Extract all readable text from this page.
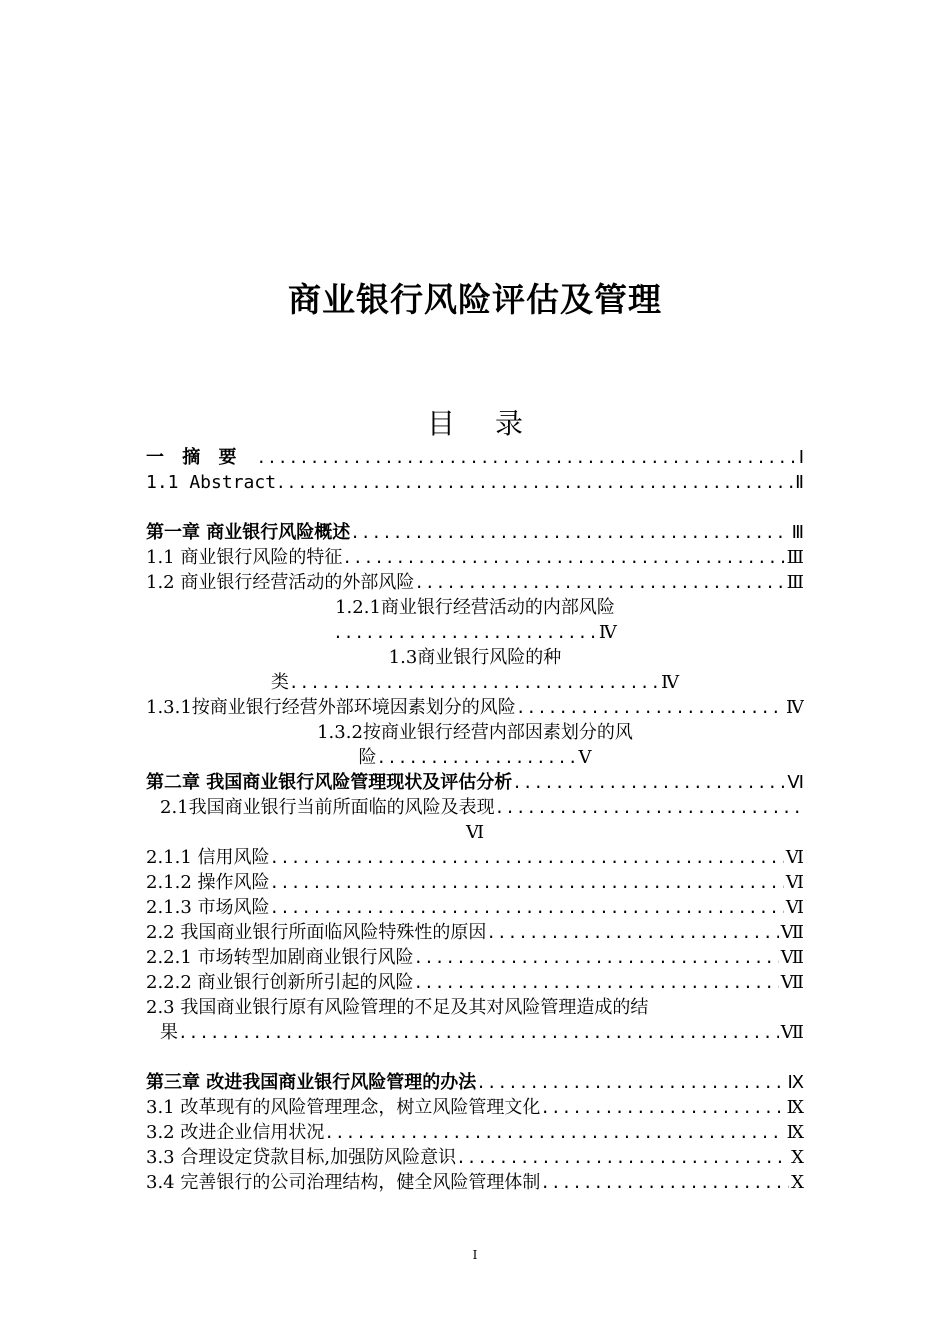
商业银行风险评估及管理
目 录
一 摘 要 .....	Ⅰ
1.1 Abstract .....	Ⅱ
第一章 商业银行风险概述 .....	Ⅲ
1.1 商业银行风险的特征 .....	Ⅲ
1.2 商业银行经营活动的外部风险 .....	Ⅲ
1.2.1商业银行经营活动的内部风险
.........................Ⅳ
1.3商业银行风险的种
类...................................Ⅳ
1.3.1按商业银行经营外部环境因素划分的风险 .....	Ⅳ
1.3.2按商业银行经营内部因素划分的风
险...................Ⅴ
第二章 我国商业银行风险管理现状及评估分析 .....	Ⅵ
2.1我国商业银行当前所面临的风险及表现
.....
Ⅵ
2.1.1 信用风险 .....	Ⅵ
2.1.2 操作风险 .....	Ⅵ
2.1.3 市场风险 .....	Ⅵ
2.2 我国商业银行所面临风险特殊性的原因 .....	Ⅶ
2.2.1 市场转型加剧商业银行风险 .....	Ⅶ
2.2.2 商业银行创新所引起的风险 .....	Ⅶ
2.3 我国商业银行原有风险管理的不足及其对风险管理造成的结
果 .....	Ⅶ
第三章 改进我国商业银行风险管理的办法 .....	Ⅸ
3.1 改革现有的风险管理理念，树立风险管理文化 .....	Ⅸ
3.2 改进企业信用状况 .....	Ⅸ
3.3 合理设定贷款目标,加强防风险意识 .....	Ⅹ
3.4 完善银行的公司治理结构，健全风险管理体制 .....	Ⅹ
I
